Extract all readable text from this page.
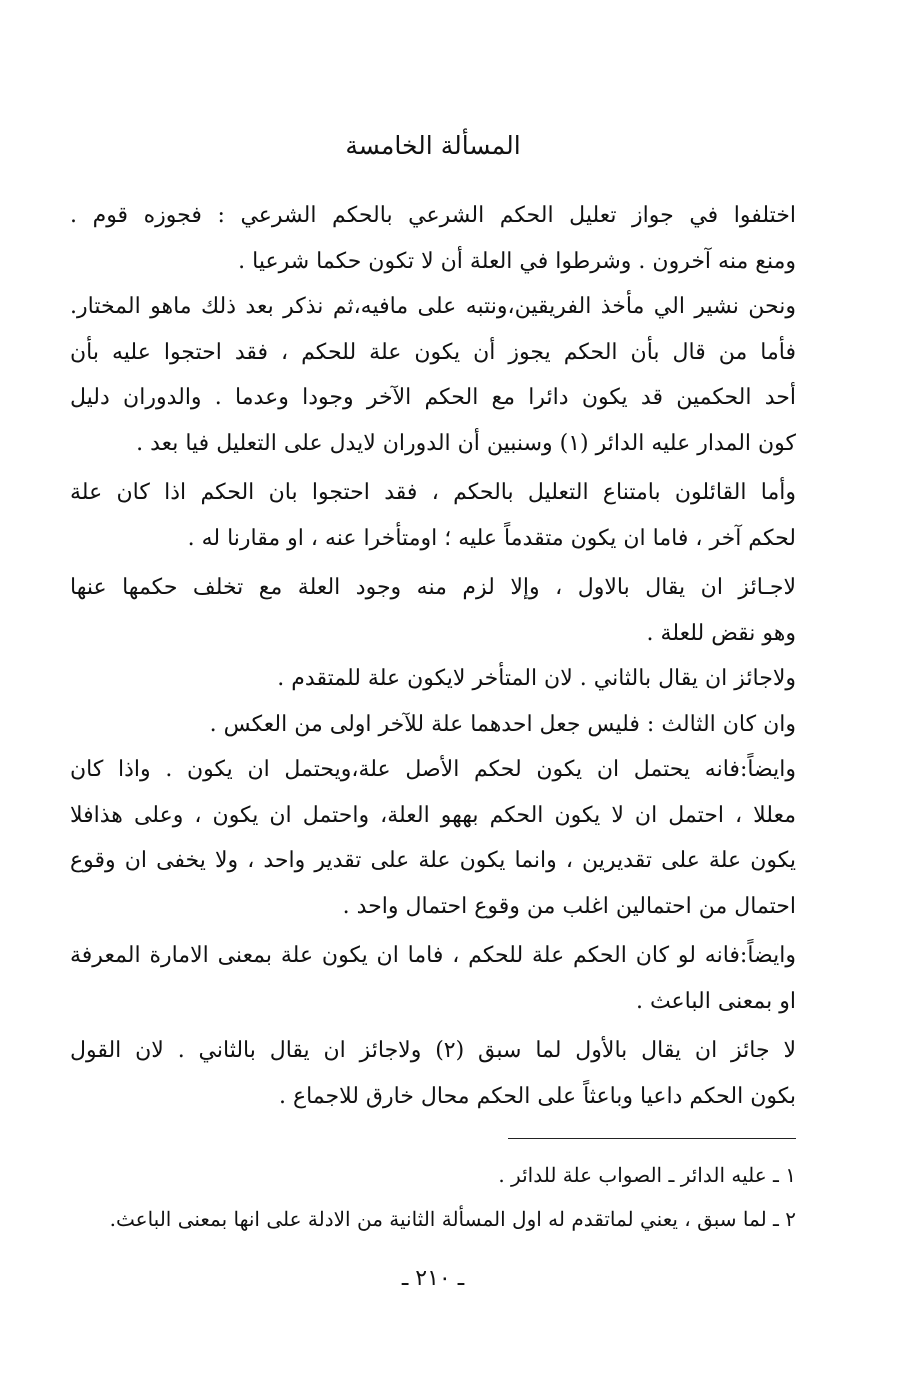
المسألة الخامسة
اختلفوا في جواز تعليل الحكم الشرعي بالحكم الشرعي : فجوزه قوم .
ومنع منه آخرون . وشرطوا في العلة أن لا تكون حكما شرعيا .
ونحن نشير الي مأخذ الفريقين،ونتبه على مافيه،ثم نذكر بعد ذلك ماهو المختار.
فأما من قال بأن الحكم يجوز أن يكون علة للحكم ، فقد احتجوا عليه بأن
أحد الحكمين قد يكون دائرا مع الحكم الآخر وجودا وعدما . والدوران دليل
كون المدار عليه الدائر (١) وسنبين أن الدوران لايدل على التعليل فيا بعد .
وأما القائلون بامتناع التعليل بالحكم ، فقد احتجوا بان الحكم اذا كان علة
لحكم آخر ، فاما ان يكون متقدماً عليه ؛ اومتأخرا عنه ، او مقارنا له .
لاجـائز ان يقال بالاول ، وإلا لزم منه وجود العلة مع تخلف حكمها عنها
وهو نقض للعلة .
ولاجائز ان يقال بالثاني . لان المتأخر لايكون علة للمتقدم .
وان كان الثالث : فليس جعل احدهما علة للآخر اولى من العكس .
وايضاً:فانه يحتمل ان يكون لحكم الأصل علة،ويحتمل ان يكون . واذا كان
معللا ، احتمل ان لا يكون الحكم بههو العلة، واحتمل ان يكون ، وعلى هذافلا
يكون علة على تقديرين ، وانما يكون علة على تقدير واحد ، ولا يخفى ان وقوع
احتمال من احتمالين اغلب من وقوع احتمال واحد .
وايضاً:فانه لو كان الحكم علة للحكم ، فاما ان يكون علة بمعنى الامارة المعرفة
او بمعنى الباعث .
لا جائز ان يقال بالأول لما سبق (٢) ولاجائز ان يقال بالثاني . لان القول
بكون الحكم داعيا وباعثاً على الحكم محال خارق للاجماع .
١ ـ عليه الدائر ـ الصواب علة للدائر .
٢ ـ لما سبق ، يعني لماتقدم له اول المسألة الثانية من الادلة على انها بمعنى الباعث.
ـ ٢١٠ ـ
